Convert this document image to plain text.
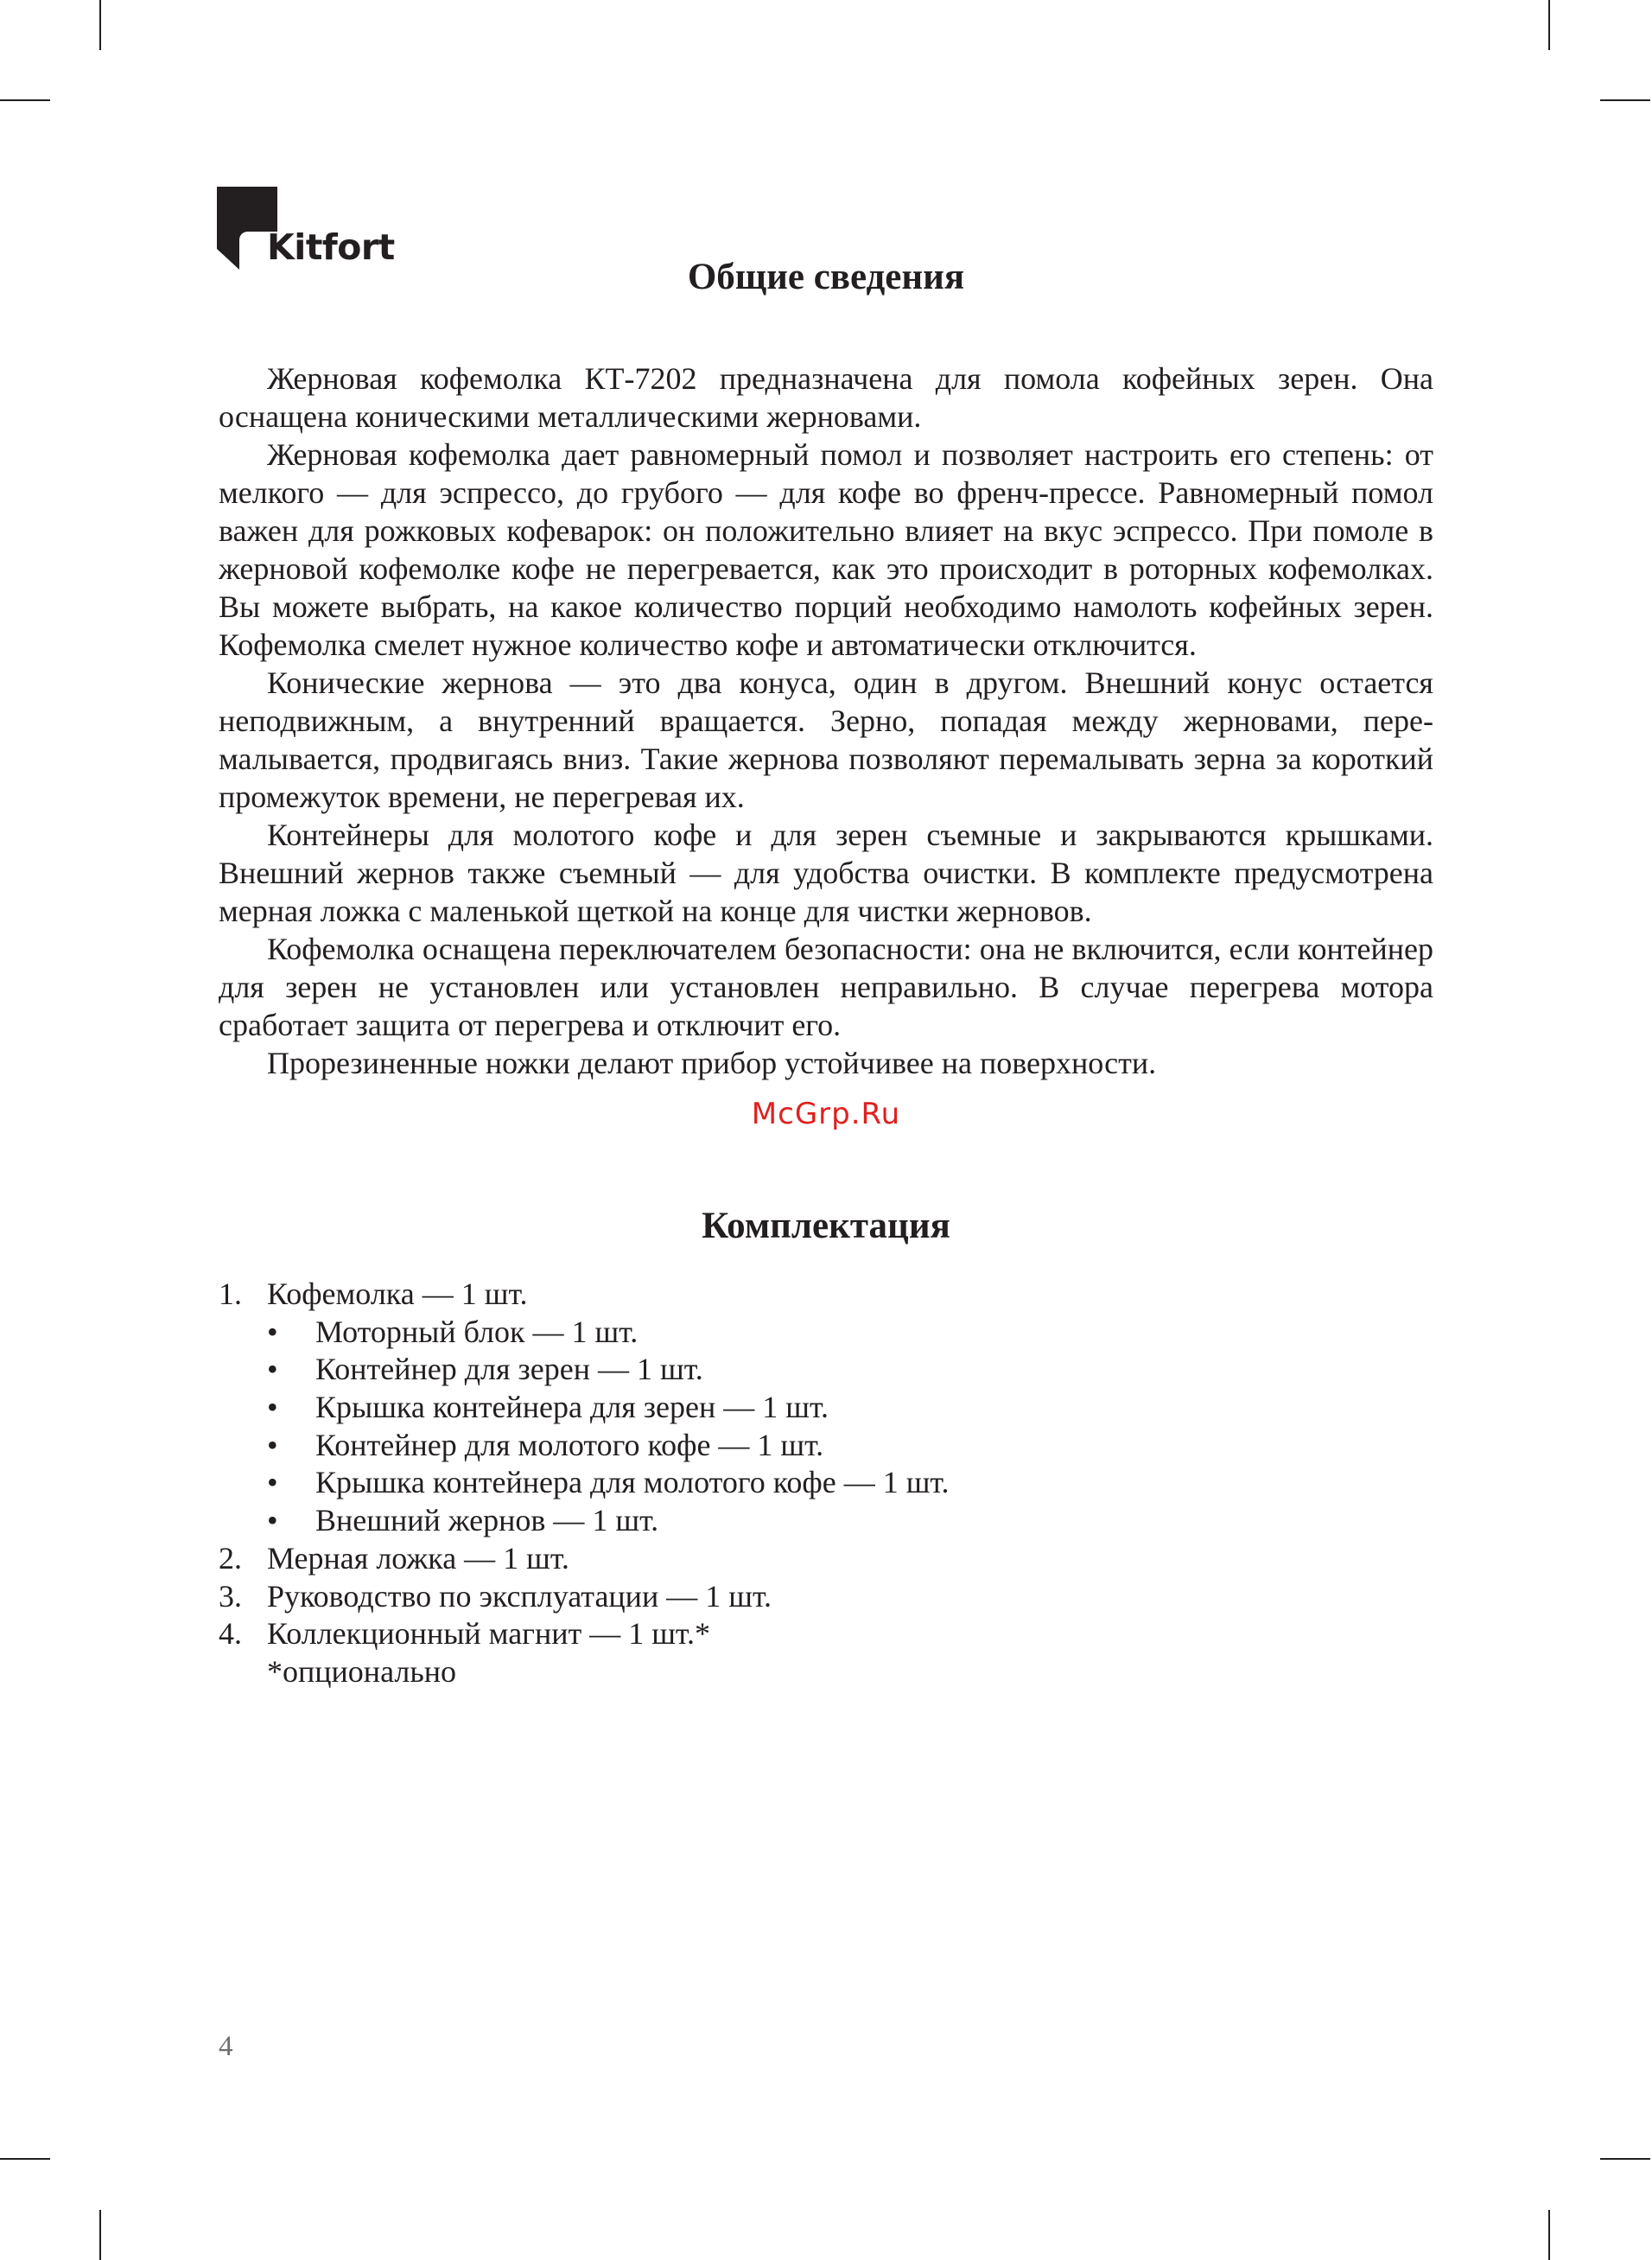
Kitfort
Общие сведения

Жерновая кофемолка КТ-7202 предназначена для помола кофейных зерен. Она оснащена коническими металлическими жерновами.

Жерновая кофемолка дает равномерный помол и позволяет настроить его степень: от мелкого — для эспрессо, до грубого — для кофе во френч-прессе. Равномерный помол важен для рожковых кофеварок: он положительно влияет на вкус эспрессо. При помоле в жерновой кофемолке кофе не перегревается, как это происходит в роторных кофемолках. Вы можете выбрать, на какое количество порций необходимо намолоть кофейных зерен. Кофемолка смелет нужное количество кофе и автоматически отключится.

Конические жернова — это два конуса, один в другом. Внешний конус остается неподвижным, а внутренний вращается. Зерно, попадая между жерновами, перемалывается, продвигаясь вниз. Такие жернова позволяют перемалывать зерна за короткий промежуток времени, не перегревая их.

Контейнеры для молотого кофе и для зерен съемные и закрываются крышками. Внешний жернов также съемный — для удобства очистки. В комплекте предусмотрена мерная ложка с маленькой щеткой на конце для чистки жерновов.

Кофемолка оснащена переключателем безопасности: она не включится, если контейнер для зерен не установлен или установлен неправильно. В случае перегрева мотора сработает защита от перегрева и отключит его.

Прорезиненные ножки делают прибор устойчивее на поверхности.

McGrp.Ru
Комплектация
1. Кофемолка — 1 шт.
• Моторный блок — 1 шт.
• Контейнер для зерен — 1 шт.
• Крышка контейнера для зерен — 1 шт.
• Контейнер для молотого кофе — 1 шт.
• Крышка контейнера для молотого кофе — 1 шт.
• Внешний жернов — 1 шт.
2. Мерная ложка — 1 шт.
3. Руководство по эксплуатации — 1 шт.
4. Коллекционный магнит — 1 шт.*
*опционально
4
